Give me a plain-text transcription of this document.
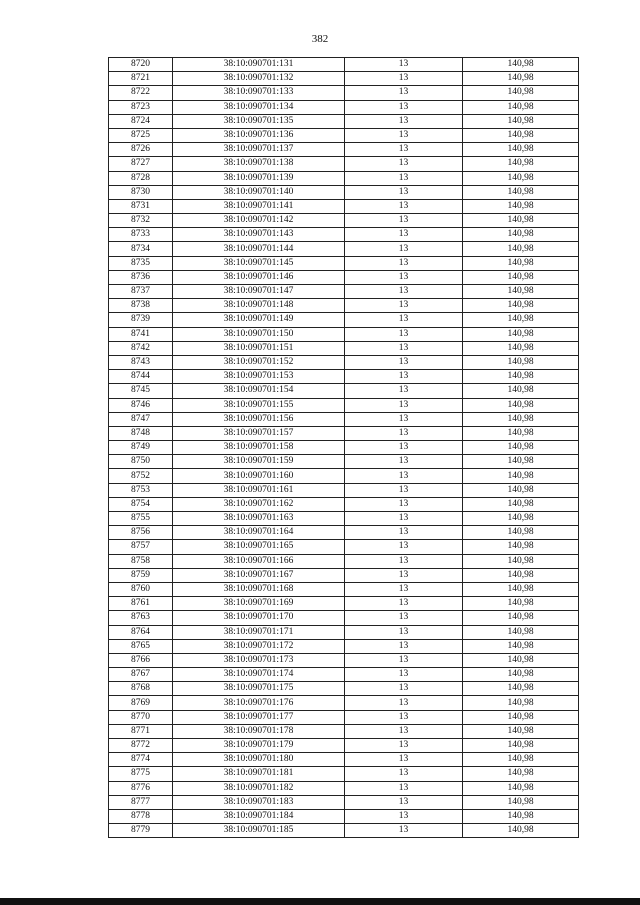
382
8720	38:10:090701:131	13	140,98
8721	38:10:090701:132	13	140,98
8722	38:10:090701:133	13	140,98
8723	38:10:090701:134	13	140,98
8724	38:10:090701:135	13	140,98
8725	38:10:090701:136	13	140,98
8726	38:10:090701:137	13	140,98
8727	38:10:090701:138	13	140,98
8728	38:10:090701:139	13	140,98
8730	38:10:090701:140	13	140,98
8731	38:10:090701:141	13	140,98
8732	38:10:090701:142	13	140,98
8733	38:10:090701:143	13	140,98
8734	38:10:090701:144	13	140,98
8735	38:10:090701:145	13	140,98
8736	38:10:090701:146	13	140,98
8737	38:10:090701:147	13	140,98
8738	38:10:090701:148	13	140,98
8739	38:10:090701:149	13	140,98
8741	38:10:090701:150	13	140,98
8742	38:10:090701:151	13	140,98
8743	38:10:090701:152	13	140,98
8744	38:10:090701:153	13	140,98
8745	38:10:090701:154	13	140,98
8746	38:10:090701:155	13	140,98
8747	38:10:090701:156	13	140,98
8748	38:10:090701:157	13	140,98
8749	38:10:090701:158	13	140,98
8750	38:10:090701:159	13	140,98
8752	38:10:090701:160	13	140,98
8753	38:10:090701:161	13	140,98
8754	38:10:090701:162	13	140,98
8755	38:10:090701:163	13	140,98
8756	38:10:090701:164	13	140,98
8757	38:10:090701:165	13	140,98
8758	38:10:090701:166	13	140,98
8759	38:10:090701:167	13	140,98
8760	38:10:090701:168	13	140,98
8761	38:10:090701:169	13	140,98
8763	38:10:090701:170	13	140,98
8764	38:10:090701:171	13	140,98
8765	38:10:090701:172	13	140,98
8766	38:10:090701:173	13	140,98
8767	38:10:090701:174	13	140,98
8768	38:10:090701:175	13	140,98
8769	38:10:090701:176	13	140,98
8770	38:10:090701:177	13	140,98
8771	38:10:090701:178	13	140,98
8772	38:10:090701:179	13	140,98
8774	38:10:090701:180	13	140,98
8775	38:10:090701:181	13	140,98
8776	38:10:090701:182	13	140,98
8777	38:10:090701:183	13	140,98
8778	38:10:090701:184	13	140,98
8779	38:10:090701:185	13	140,98
